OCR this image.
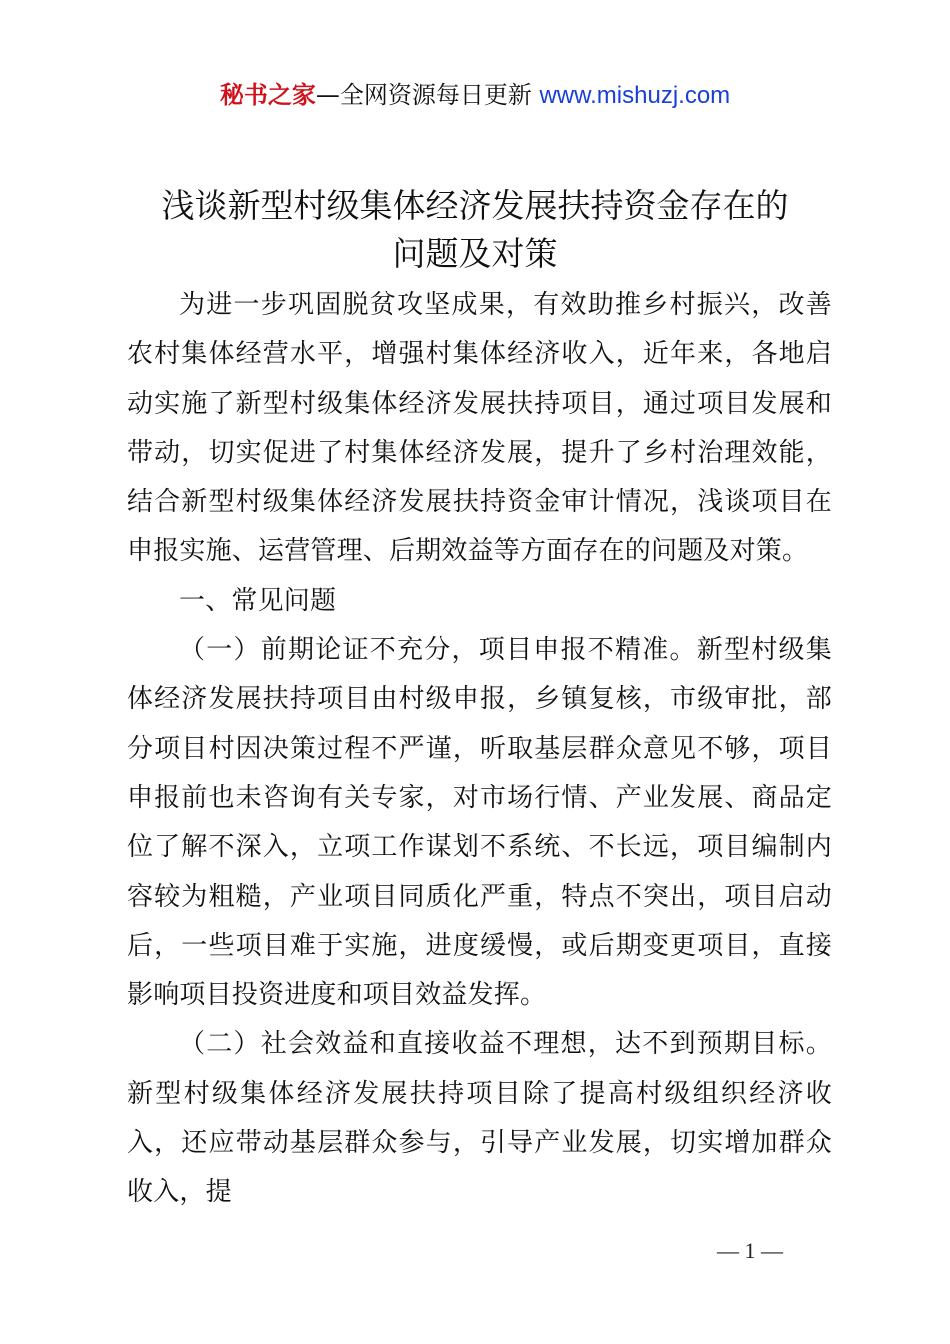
秘书之家—全网资源每日更新 www.mishuzj.com
浅谈新型村级集体经济发展扶持资金存在的
问题及对策

为进一步巩固脱贫攻坚成果，有效助推乡村振兴，改善农村集体经营水平，增强村集体经济收入，近年来，各地启动实施了新型村级集体经济发展扶持项目，通过项目发展和带动，切实促进了村集体经济发展，提升了乡村治理效能，结合新型村级集体经济发展扶持资金审计情况，浅谈项目在申报实施、运营管理、后期效益等方面存在的问题及对策。

一、常见问题

（一）前期论证不充分，项目申报不精准。新型村级集体经济发展扶持项目由村级申报，乡镇复核，市级审批，部分项目村因决策过程不严谨，听取基层群众意见不够，项目申报前也未咨询有关专家，对市场行情、产业发展、商品定位了解不深入，立项工作谋划不系统、不长远，项目编制内容较为粗糙，产业项目同质化严重，特点不突出，项目启动后，一些项目难于实施，进度缓慢，或后期变更项目，直接影响项目投资进度和项目效益发挥。

（二）社会效益和直接收益不理想，达不到预期目标。新型村级集体经济发展扶持项目除了提高村级组织经济收入，还应带动基层群众参与，引导产业发展，切实增加群众收入，提

— 1 —
